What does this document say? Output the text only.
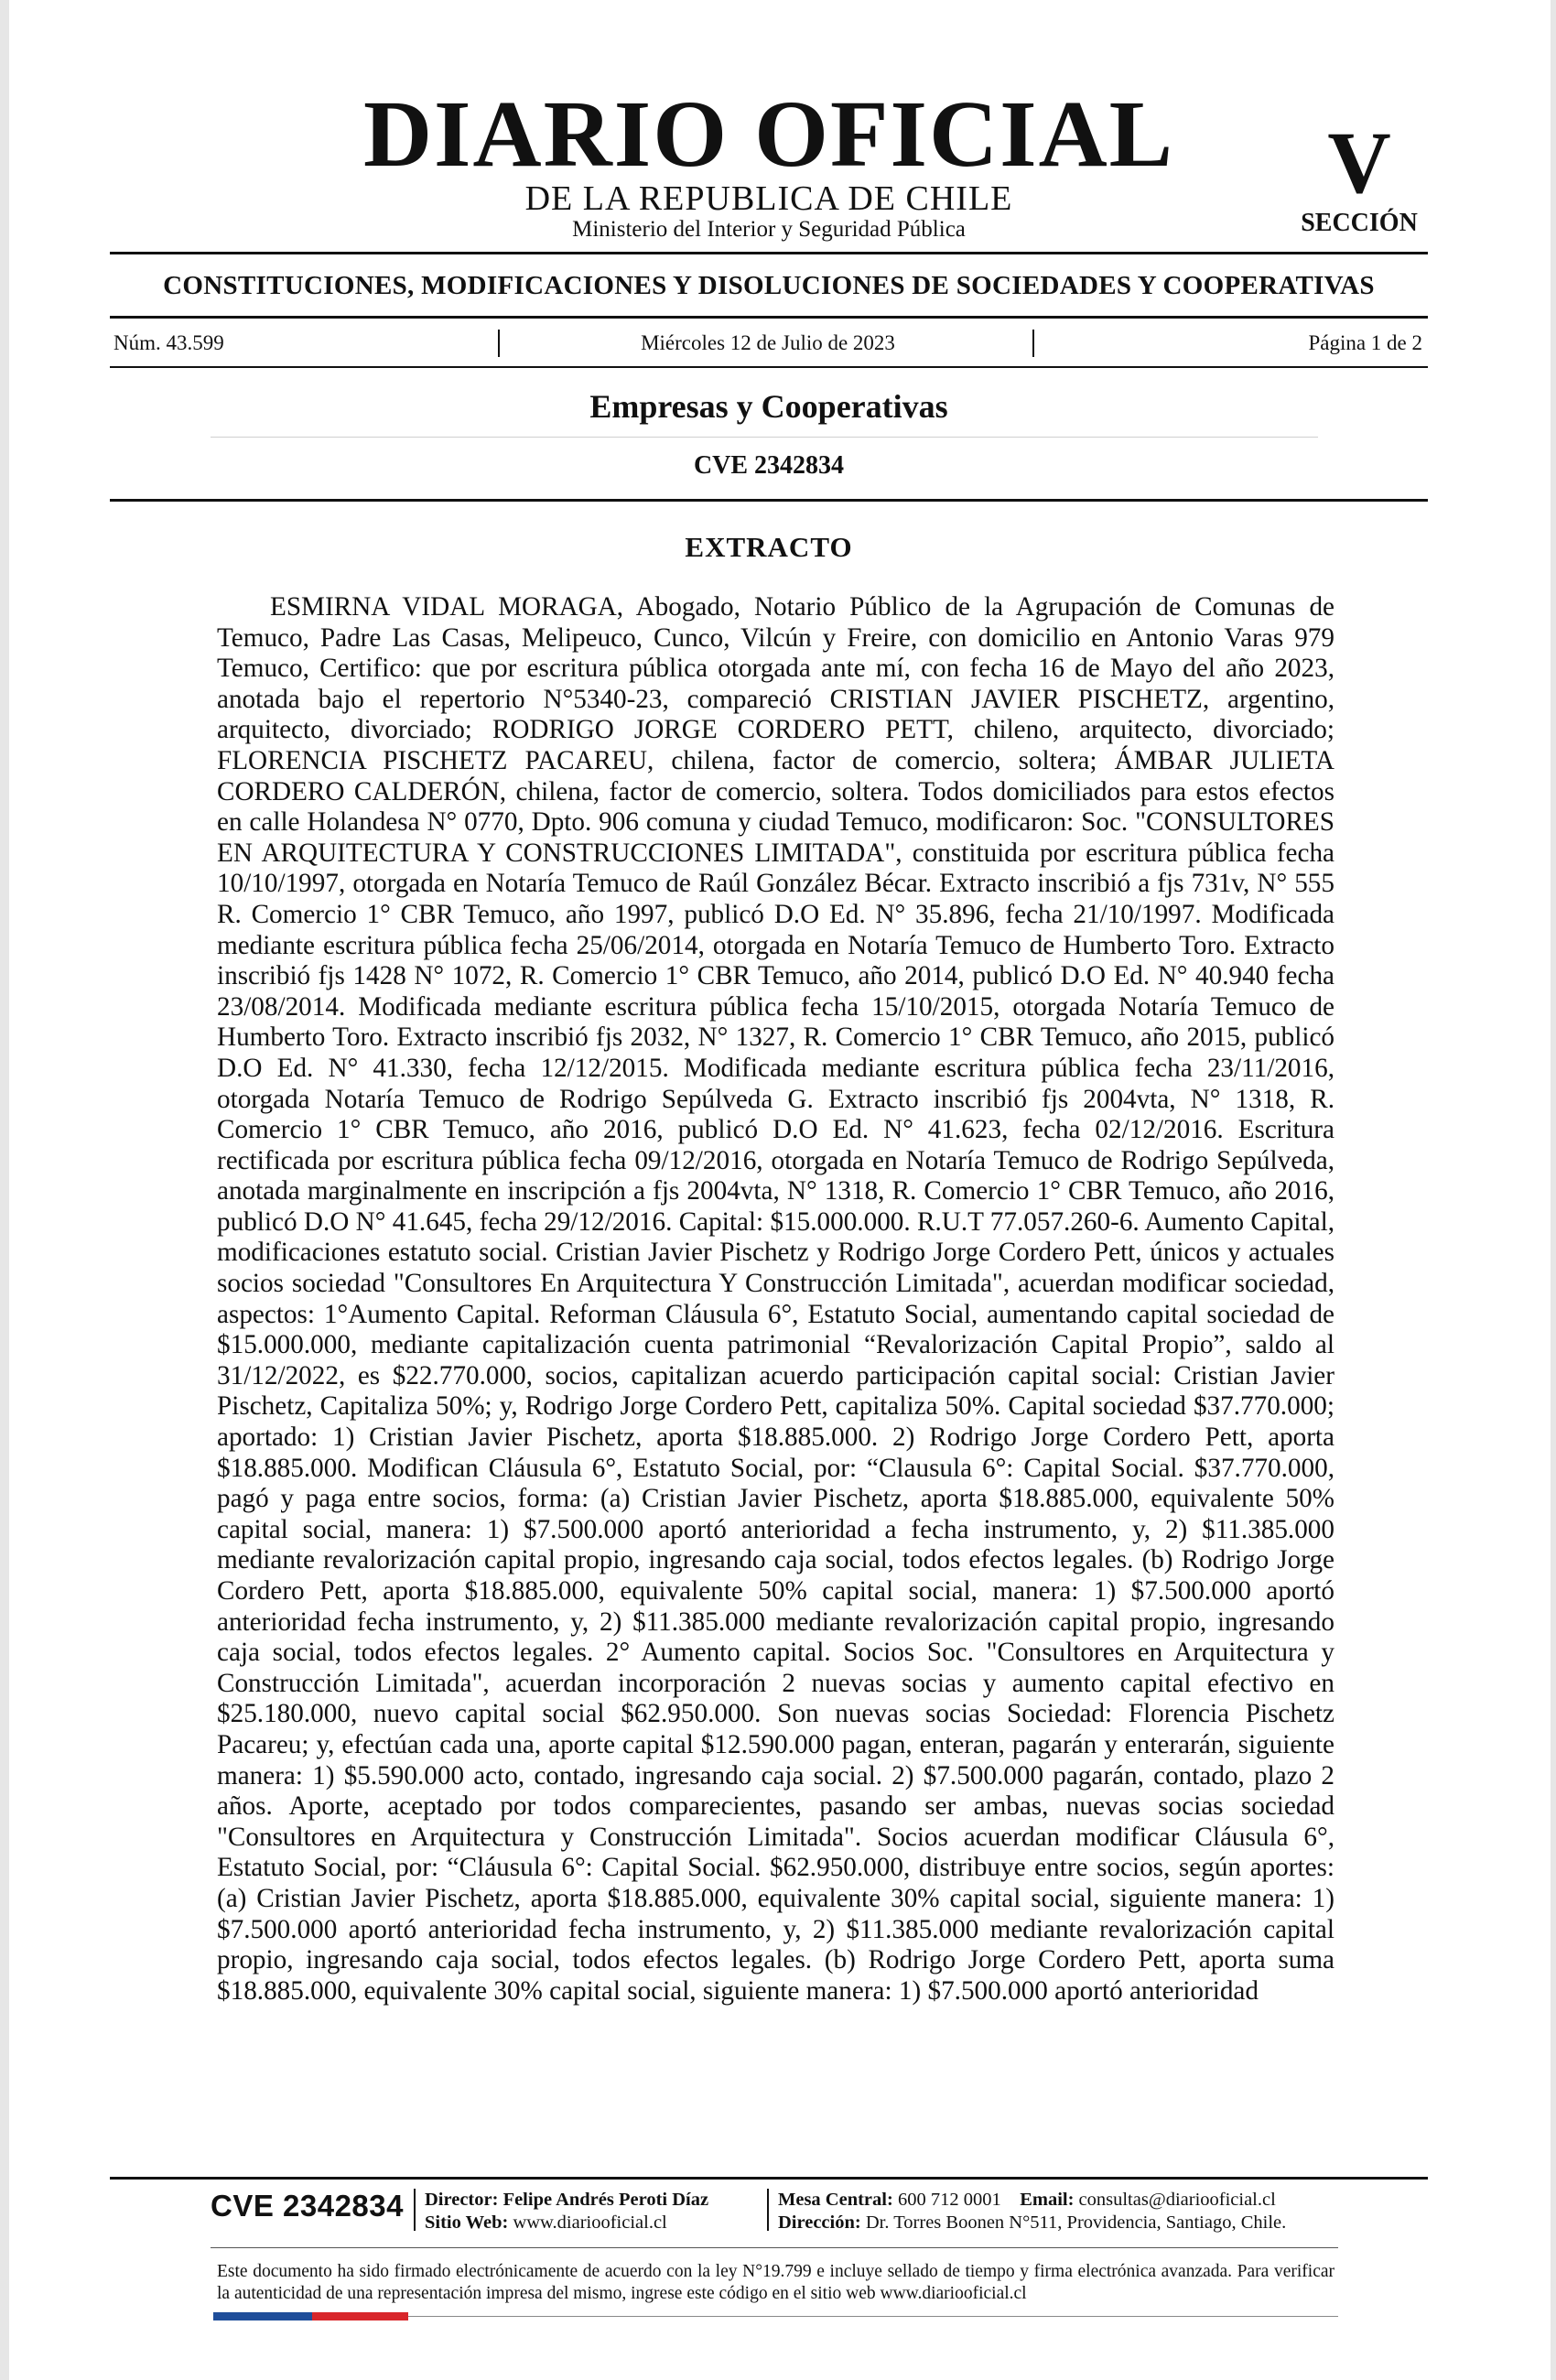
DIARIO OFICIAL
DE LA REPUBLICA DE CHILE
Ministerio del Interior y Seguridad Pública
V
SECCIÓN
CONSTITUCIONES, MODIFICACIONES Y DISOLUCIONES DE SOCIEDADES Y COOPERATIVAS
Núm. 43.599	Miércoles 12 de Julio de 2023	Página 1 de 2
Empresas y Cooperativas
CVE 2342834
EXTRACTO

ESMIRNA VIDAL MORAGA, Abogado, Notario Público de la Agrupación de Comunas de Temuco, Padre Las Casas, Melipeuco, Cunco, Vilcún y Freire, con domicilio en Antonio Varas 979 Temuco, Certifico: que por escritura pública otorgada ante mí, con fecha 16 de Mayo del año 2023, anotada bajo el repertorio N°5340-23, compareció CRISTIAN JAVIER PISCHETZ, argentino, arquitecto, divorciado; RODRIGO JORGE CORDERO PETT, chileno, arquitecto, divorciado; FLORENCIA PISCHETZ PACAREU, chilena, factor de comercio, soltera; ÁMBAR JULIETA CORDERO CALDERÓN, chilena, factor de comercio, soltera. Todos domiciliados para estos efectos en calle Holandesa N° 0770, Dpto. 906 comuna y ciudad Temuco, modificaron: Soc. "CONSULTORES EN ARQUITECTURA Y CONSTRUCCIONES LIMITADA", constituida por escritura pública fecha 10/10/1997, otorgada en Notaría Temuco de Raúl González Bécar. Extracto inscribió a fjs 731v, N° 555 R. Comercio 1° CBR Temuco, año 1997, publicó D.O Ed. N° 35.896, fecha 21/10/1997. Modificada mediante escritura pública fecha 25/06/2014, otorgada en Notaría Temuco de Humberto Toro. Extracto inscribió fjs 1428 N° 1072, R. Comercio 1° CBR Temuco, año 2014, publicó D.O Ed. N° 40.940 fecha 23/08/2014. Modificada mediante escritura pública fecha 15/10/2015, otorgada Notaría Temuco de Humberto Toro. Extracto inscribió fjs 2032, N° 1327, R. Comercio 1° CBR Temuco, año 2015, publicó D.O Ed. N° 41.330, fecha 12/12/2015. Modificada mediante escritura pública fecha 23/11/2016, otorgada Notaría Temuco de Rodrigo Sepúlveda G. Extracto inscribió fjs 2004vta, N° 1318, R. Comercio 1° CBR Temuco, año 2016, publicó D.O Ed. N° 41.623, fecha 02/12/2016. Escritura rectificada por escritura pública fecha 09/12/2016, otorgada en Notaría Temuco de Rodrigo Sepúlveda, anotada marginalmente en inscripción a fjs 2004vta, N° 1318, R. Comercio 1° CBR Temuco, año 2016, publicó D.O N° 41.645, fecha 29/12/2016. Capital: $15.000.000. R.U.T 77.057.260-6. Aumento Capital, modificaciones estatuto social. Cristian Javier Pischetz y Rodrigo Jorge Cordero Pett, únicos y actuales socios sociedad "Consultores En Arquitectura Y Construcción Limitada", acuerdan modificar sociedad, aspectos: 1°Aumento Capital. Reforman Cláusula 6°, Estatuto Social, aumentando capital sociedad de $15.000.000, mediante capitalización cuenta patrimonial “Revalorización Capital Propio”, saldo al 31/12/2022, es $22.770.000, socios, capitalizan acuerdo participación capital social: Cristian Javier Pischetz, Capitaliza 50%; y, Rodrigo Jorge Cordero Pett, capitaliza 50%. Capital sociedad $37.770.000; aportado: 1) Cristian Javier Pischetz, aporta $18.885.000. 2) Rodrigo Jorge Cordero Pett, aporta $18.885.000. Modifican Cláusula 6°, Estatuto Social, por: “Clausula 6°: Capital Social. $37.770.000, pagó y paga entre socios, forma: (a) Cristian Javier Pischetz, aporta $18.885.000, equivalente 50% capital social, manera: 1) $7.500.000 aportó anterioridad a fecha instrumento, y, 2) $11.385.000 mediante revalorización capital propio, ingresando caja social, todos efectos legales. (b) Rodrigo Jorge Cordero Pett, aporta $18.885.000, equivalente 50% capital social, manera: 1) $7.500.000 aportó anterioridad fecha instrumento, y, 2) $11.385.000 mediante revalorización capital propio, ingresando caja social, todos efectos legales. 2° Aumento capital. Socios Soc. "Consultores en Arquitectura y Construcción Limitada", acuerdan incorporación 2 nuevas socias y aumento capital efectivo en $25.180.000, nuevo capital social $62.950.000. Son nuevas socias Sociedad: Florencia Pischetz Pacareu; y, efectúan cada una, aporte capital $12.590.000 pagan, enteran, pagarán y enterarán, siguiente manera: 1) $5.590.000 acto, contado, ingresando caja social. 2) $7.500.000 pagarán, contado, plazo 2 años. Aporte, aceptado por todos comparecientes, pasando ser ambas, nuevas socias sociedad "Consultores en Arquitectura y Construcción Limitada". Socios acuerdan modificar Cláusula 6°, Estatuto Social, por: “Cláusula 6°: Capital Social. $62.950.000, distribuye entre socios, según aportes: (a) Cristian Javier Pischetz, aporta $18.885.000, equivalente 30% capital social, siguiente manera: 1) $7.500.000 aportó anterioridad fecha instrumento, y, 2) $11.385.000 mediante revalorización capital propio, ingresando caja social, todos efectos legales. (b) Rodrigo Jorge Cordero Pett, aporta suma $18.885.000, equivalente 30% capital social, siguiente manera: 1) $7.500.000 aportó anterioridad

CVE 2342834 Director: Felipe Andrés Peroti Díaz
Sitio Web: www.diariooficial.cl
Mesa Central: 600 712 0001 Email: consultas@diariooficial.cl
Dirección: Dr. Torres Boonen N°511, Providencia, Santiago, Chile.

Este documento ha sido firmado electrónicamente de acuerdo con la ley N°19.799 e incluye sellado de tiempo y firma electrónica avanzada. Para verificar la autenticidad de una representación impresa del mismo, ingrese este código en el sitio web www.diariooficial.cl
